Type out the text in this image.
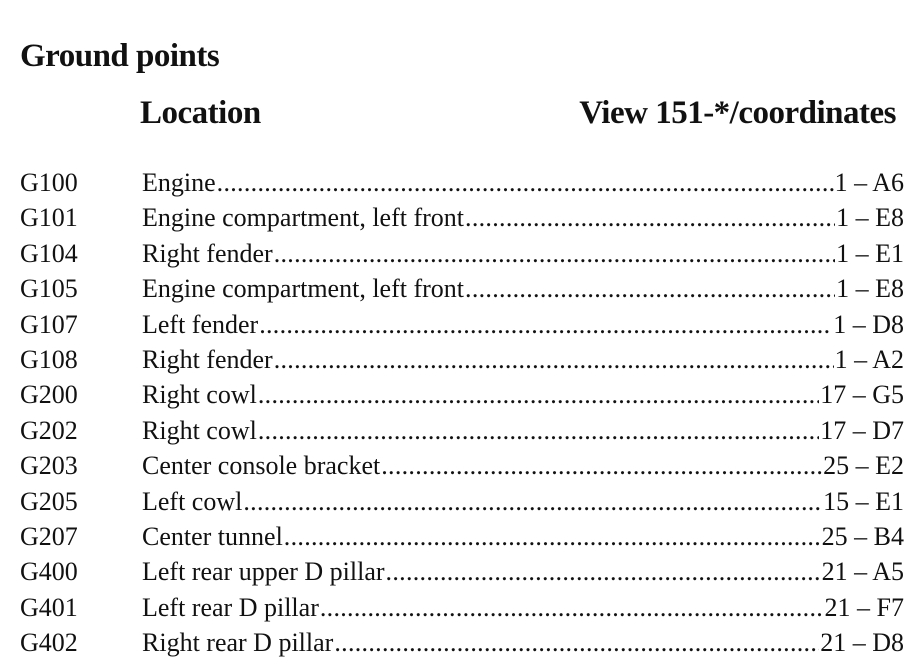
Ground points
Location	View 151-*/coordinates
G100 Engine .....	1 – A6
G101 Engine compartment, left front .....	1 – E8
G104 Right fender .....	1 – E1
G105 Engine compartment, left front .....	1 – E8
G107 Left fender .....	1 – D8
G108 Right fender .....	1 – A2
G200 Right cowl .....	17 – G5
G202 Right cowl .....	17 – D7
G203 Center console bracket .....	25 – E2
G205 Left cowl .....	15 – E1
G207 Center tunnel .....	25 – B4
G400 Left rear upper D pillar .....	21 – A5
G401 Left rear D pillar .....	21 – F7
G402 Right rear D pillar .....	21 – D8
